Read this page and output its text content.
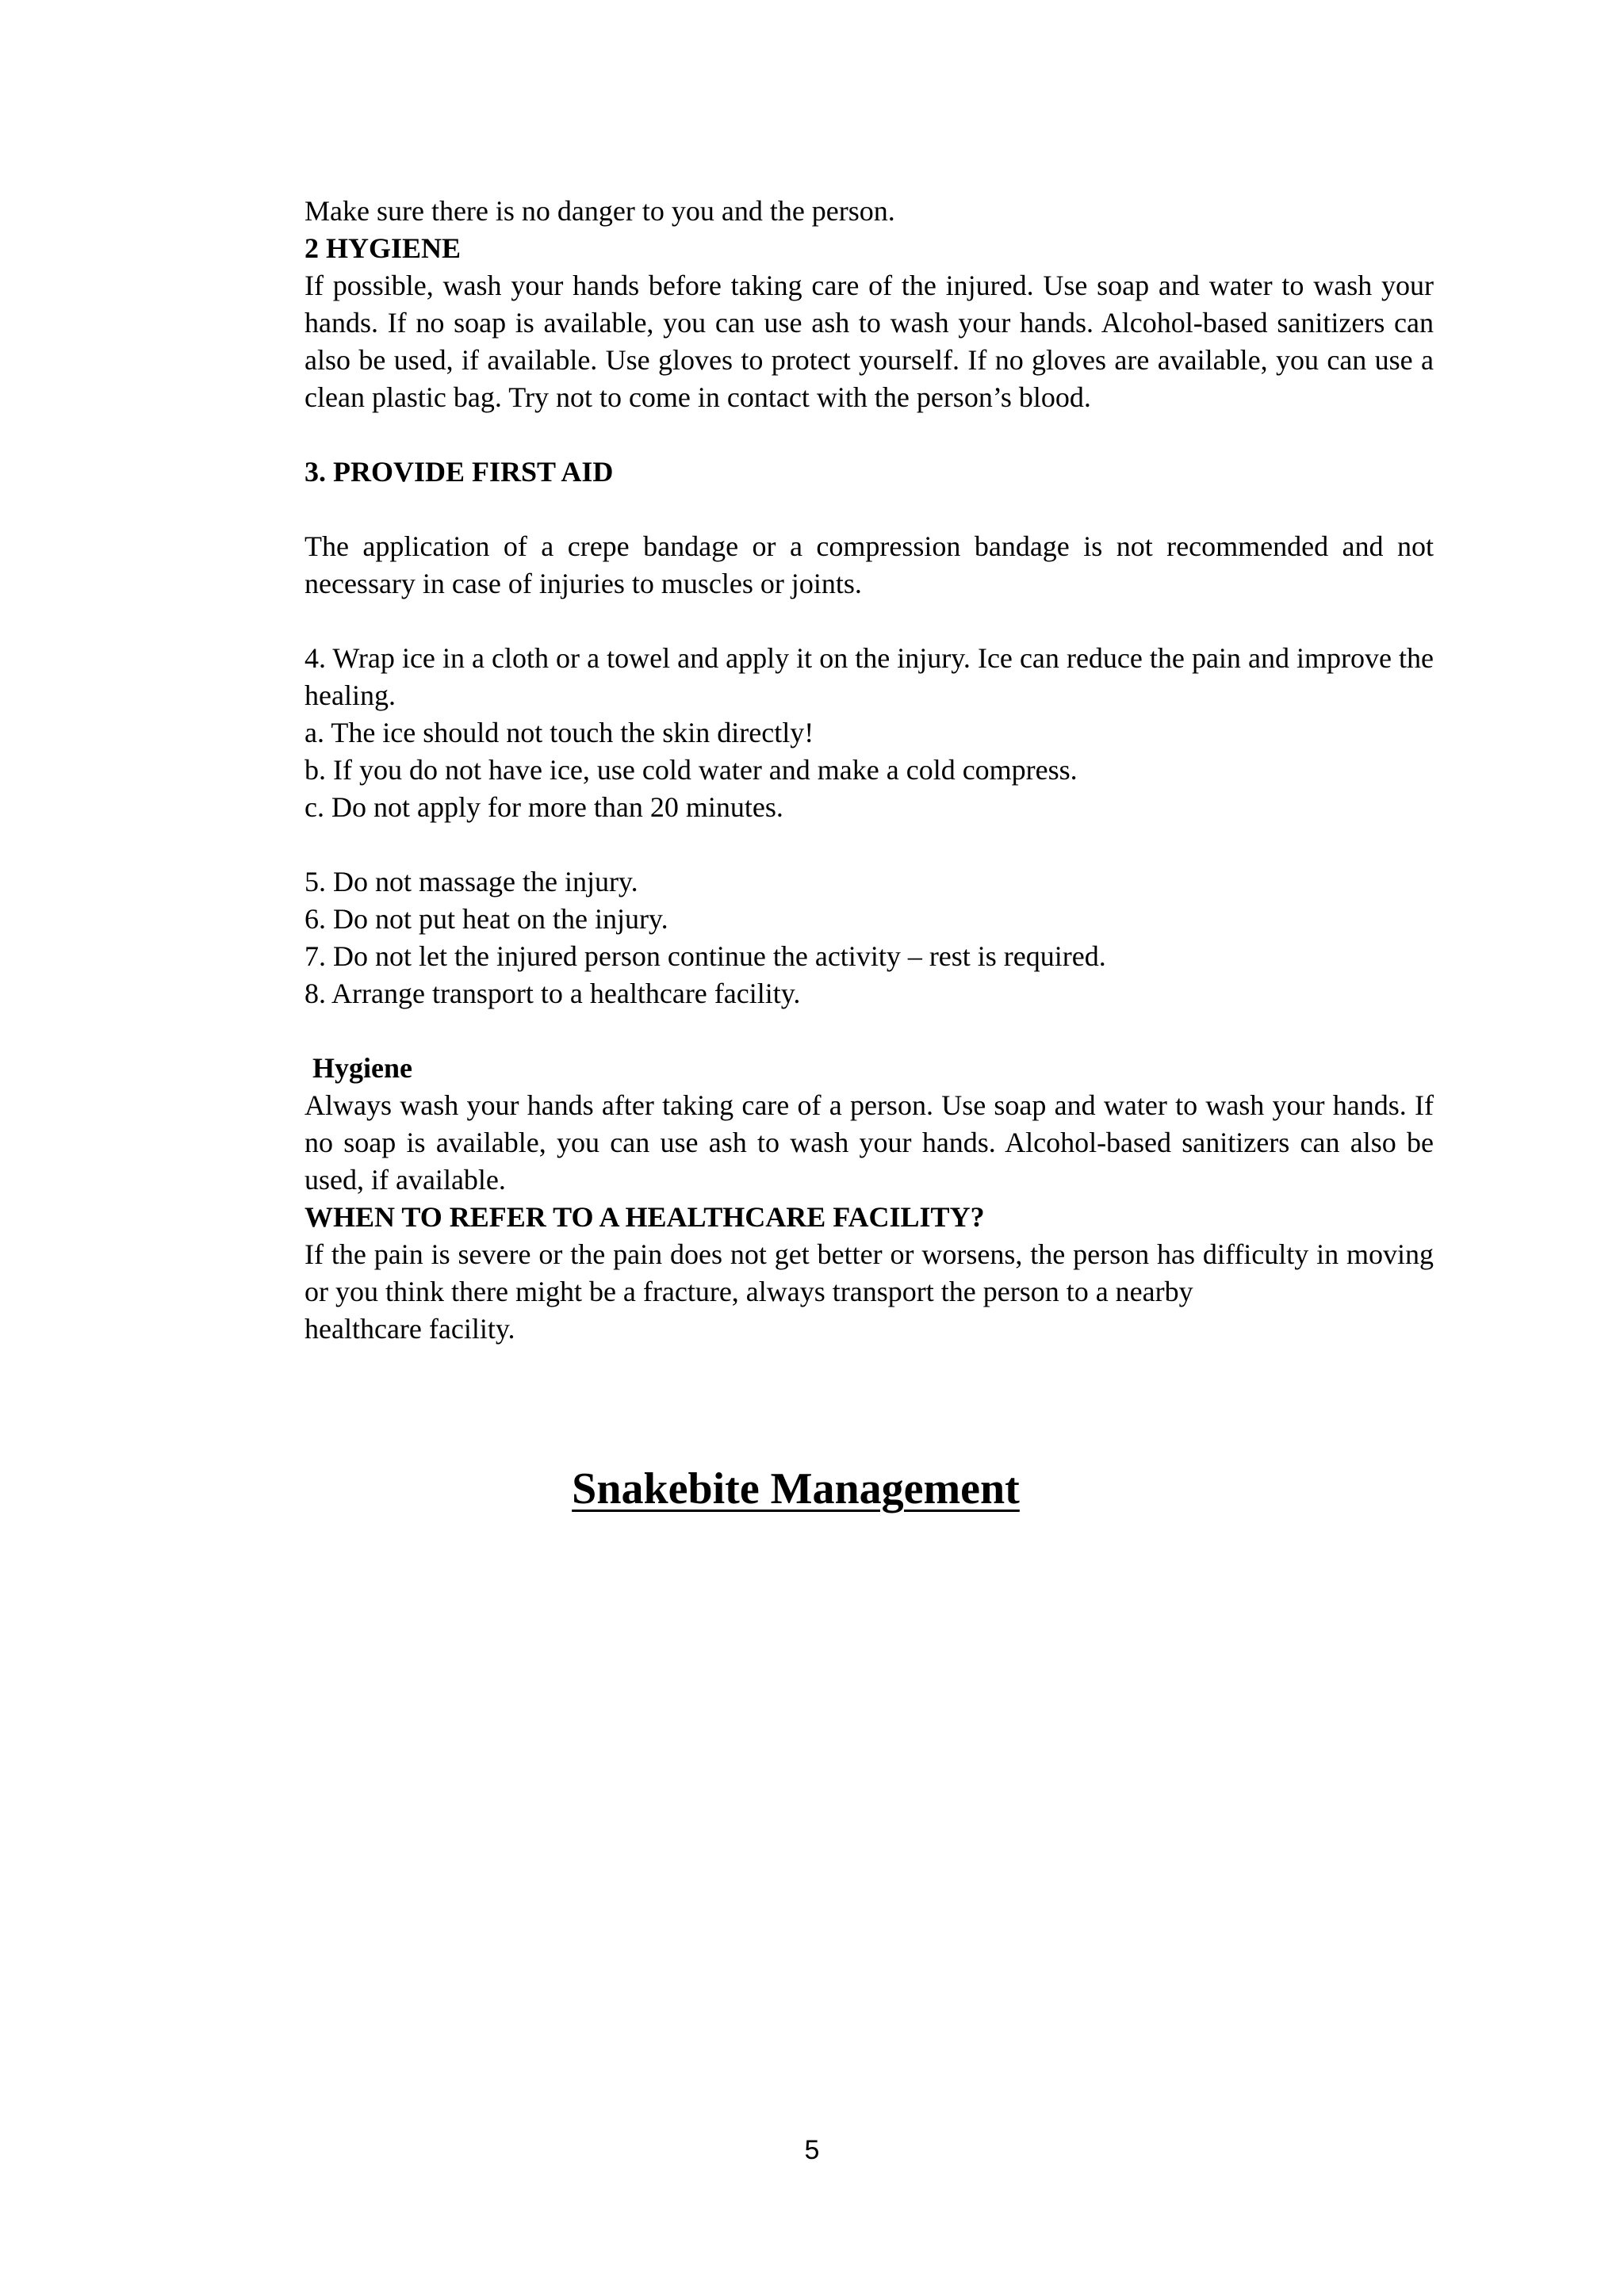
Make sure there is no danger to you and the person.

2 HYGIENE

If possible, wash your hands before taking care of the injured. Use soap and water to wash your hands. If no soap is available, you can use ash to wash your hands. Alcohol-based sanitizers can also be used, if available. Use gloves to protect yourself. If no gloves are available, you can use a clean plastic bag. Try not to come in contact with the person’s blood.

3. PROVIDE FIRST AID

The application of a crepe bandage or a compression bandage is not recommended and not necessary in case of injuries to muscles or joints.

4. Wrap ice in a cloth or a towel and apply it on the injury. Ice can reduce the pain and improve the healing.

a. The ice should not touch the skin directly!

b. If you do not have ice, use cold water and make a cold compress.

c. Do not apply for more than 20 minutes.

5. Do not massage the injury.

6. Do not put heat on the injury.

7. Do not let the injured person continue the activity – rest is required.

8. Arrange transport to a healthcare facility.

Hygiene

Always wash your hands after taking care of a person. Use soap and water to wash your hands. If no soap is available, you can use ash to wash your hands. Alcohol-based sanitizers can also be used, if available.

WHEN TO REFER TO A HEALTHCARE FACILITY?

If the pain is severe or the pain does not get better or worsens, the person has difficulty in moving or you think there might be a fracture, always transport the person to a nearby

healthcare facility.

Snakebite Management
5
